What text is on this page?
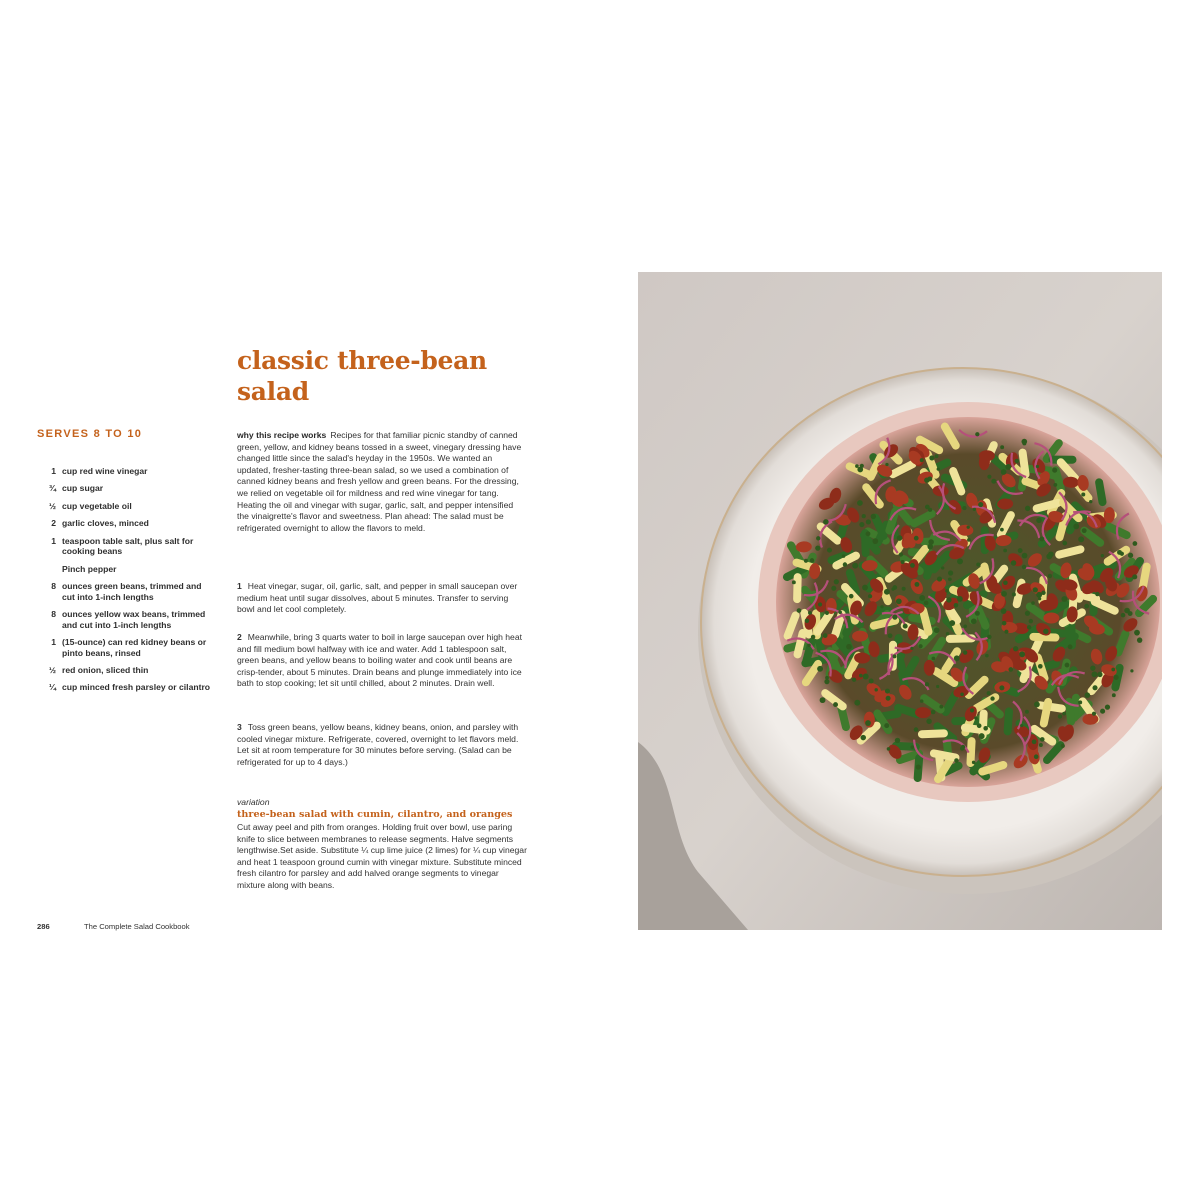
classic three-bean salad
SERVES 8 TO 10
1 cup red wine vinegar
¾ cup sugar
½ cup vegetable oil
2 garlic cloves, minced
1 teaspoon table salt, plus salt for cooking beans
Pinch pepper
8 ounces green beans, trimmed and cut into 1-inch lengths
8 ounces yellow wax beans, trimmed and cut into 1-inch lengths
1 (15-ounce) can red kidney beans or pinto beans, rinsed
½ red onion, sliced thin
¼ cup minced fresh parsley or cilantro

why this recipe works Recipes for that familiar picnic standby of canned green, yellow, and kidney beans tossed in a sweet, vinegary dressing have changed little since the salad's heyday in the 1950s. We wanted an updated, fresher-tasting three-bean salad, so we used a combination of canned kidney beans and fresh yellow and green beans. For the dressing, we relied on vegetable oil for mildness and red wine vinegar for tang. Heating the oil and vinegar with sugar, garlic, salt, and pepper intensified the vinaigrette's flavor and sweetness. Plan ahead: The salad must be refrigerated overnight to allow the flavors to meld.

1 Heat vinegar, sugar, oil, garlic, salt, and pepper in small saucepan over medium heat until sugar dissolves, about 5 minutes. Transfer to serving bowl and let cool completely.

2 Meanwhile, bring 3 quarts water to boil in large saucepan over high heat and fill medium bowl halfway with ice and water. Add 1 tablespoon salt, green beans, and yellow beans to boiling water and cook until beans are crisp-tender, about 5 minutes. Drain beans and plunge immediately into ice bath to stop cooking; let sit until chilled, about 2 minutes. Drain well.

3 Toss green beans, yellow beans, kidney beans, onion, and parsley with cooled vinegar mixture. Refrigerate, covered, overnight to let flavors meld. Let sit at room temperature for 30 minutes before serving. (Salad can be refrigerated for up to 4 days.)

variation
three-bean salad with cumin, cilantro, and oranges

Cut away peel and pith from oranges. Holding fruit over bowl, use paring knife to slice between membranes to release segments. Halve segments lengthwise.Set aside. Substitute ¼ cup lime juice (2 limes) for ¼ cup vinegar and heat 1 teaspoon ground cumin with vinegar mixture. Substitute minced fresh cilantro for parsley and add halved orange segments to vinegar mixture along with beans.

286	The Complete Salad Cookbook
